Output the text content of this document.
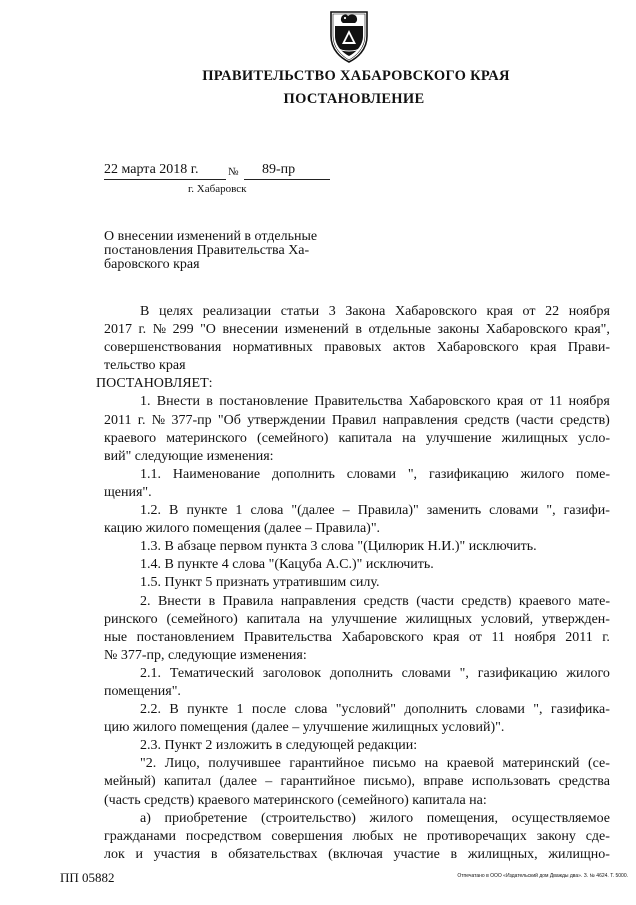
ПРАВИТЕЛЬСТВО ХАБАРОВСКОГО КРАЯ
ПОСТАНОВЛЕНИЕ
22 марта 2018 г.	№ 89-пр
г. Хабаровск
О внесении изменений в отдельные
постановления Правительства Ха-
баровского края
В целях реализации статьи 3 Закона Хабаровского края от 22 ноября
2017 г. № 299 "О внесении изменений в отдельные законы Хабаровского края",
совершенствования нормативных правовых актов Хабаровского края Прави-
тельство края
ПОСТАНОВЛЯЕТ:
1. Внести в постановление Правительства Хабаровского края от 11 ноября
2011 г. № 377-пр "Об утверждении Правил направления средств (части средств)
краевого материнского (семейного) капитала на улучшение жилищных усло-
вий" следующие изменения:
1.1. Наименование дополнить словами ", газификацию жилого поме-
щения".
1.2. В пункте 1 слова "(далее – Правила)" заменить словами ", газифи-
кацию жилого помещения (далее – Правила)".
1.3. В абзаце первом пункта 3 слова "(Цилюрик Н.И.)" исключить.
1.4. В пункте 4 слова "(Кацуба А.С.)" исключить.
1.5. Пункт 5 признать утратившим силу.
2. Внести в Правила направления средств (части средств) краевого мате-
ринского (семейного) капитала на улучшение жилищных условий, утвержден-
ные постановлением Правительства Хабаровского края от 11 ноября 2011 г.
№ 377-пр, следующие изменения:
2.1. Тематический заголовок дополнить словами ", газификацию жилого
помещения".
2.2. В пункте 1 после слова "условий" дополнить словами ", газифика-
цию жилого помещения (далее – улучшение жилищных условий)".
2.3. Пункт 2 изложить в следующей редакции:
"2. Лицо, получившее гарантийное письмо на краевой материнский (се-
мейный) капитал (далее – гарантийное письмо), вправе использовать средства
(часть средств) краевого материнского (семейного) капитала на:
а) приобретение (строительство) жилого помещения, осуществляемое
гражданами посредством совершения любых не противоречащих закону сде-
лок и участия в обязательствах (включая участие в жилищных, жилищно-
ПП 05882	Отпечатано в ООО «Издательский дом Дважды два». З. № 4624. Т. 5000.
